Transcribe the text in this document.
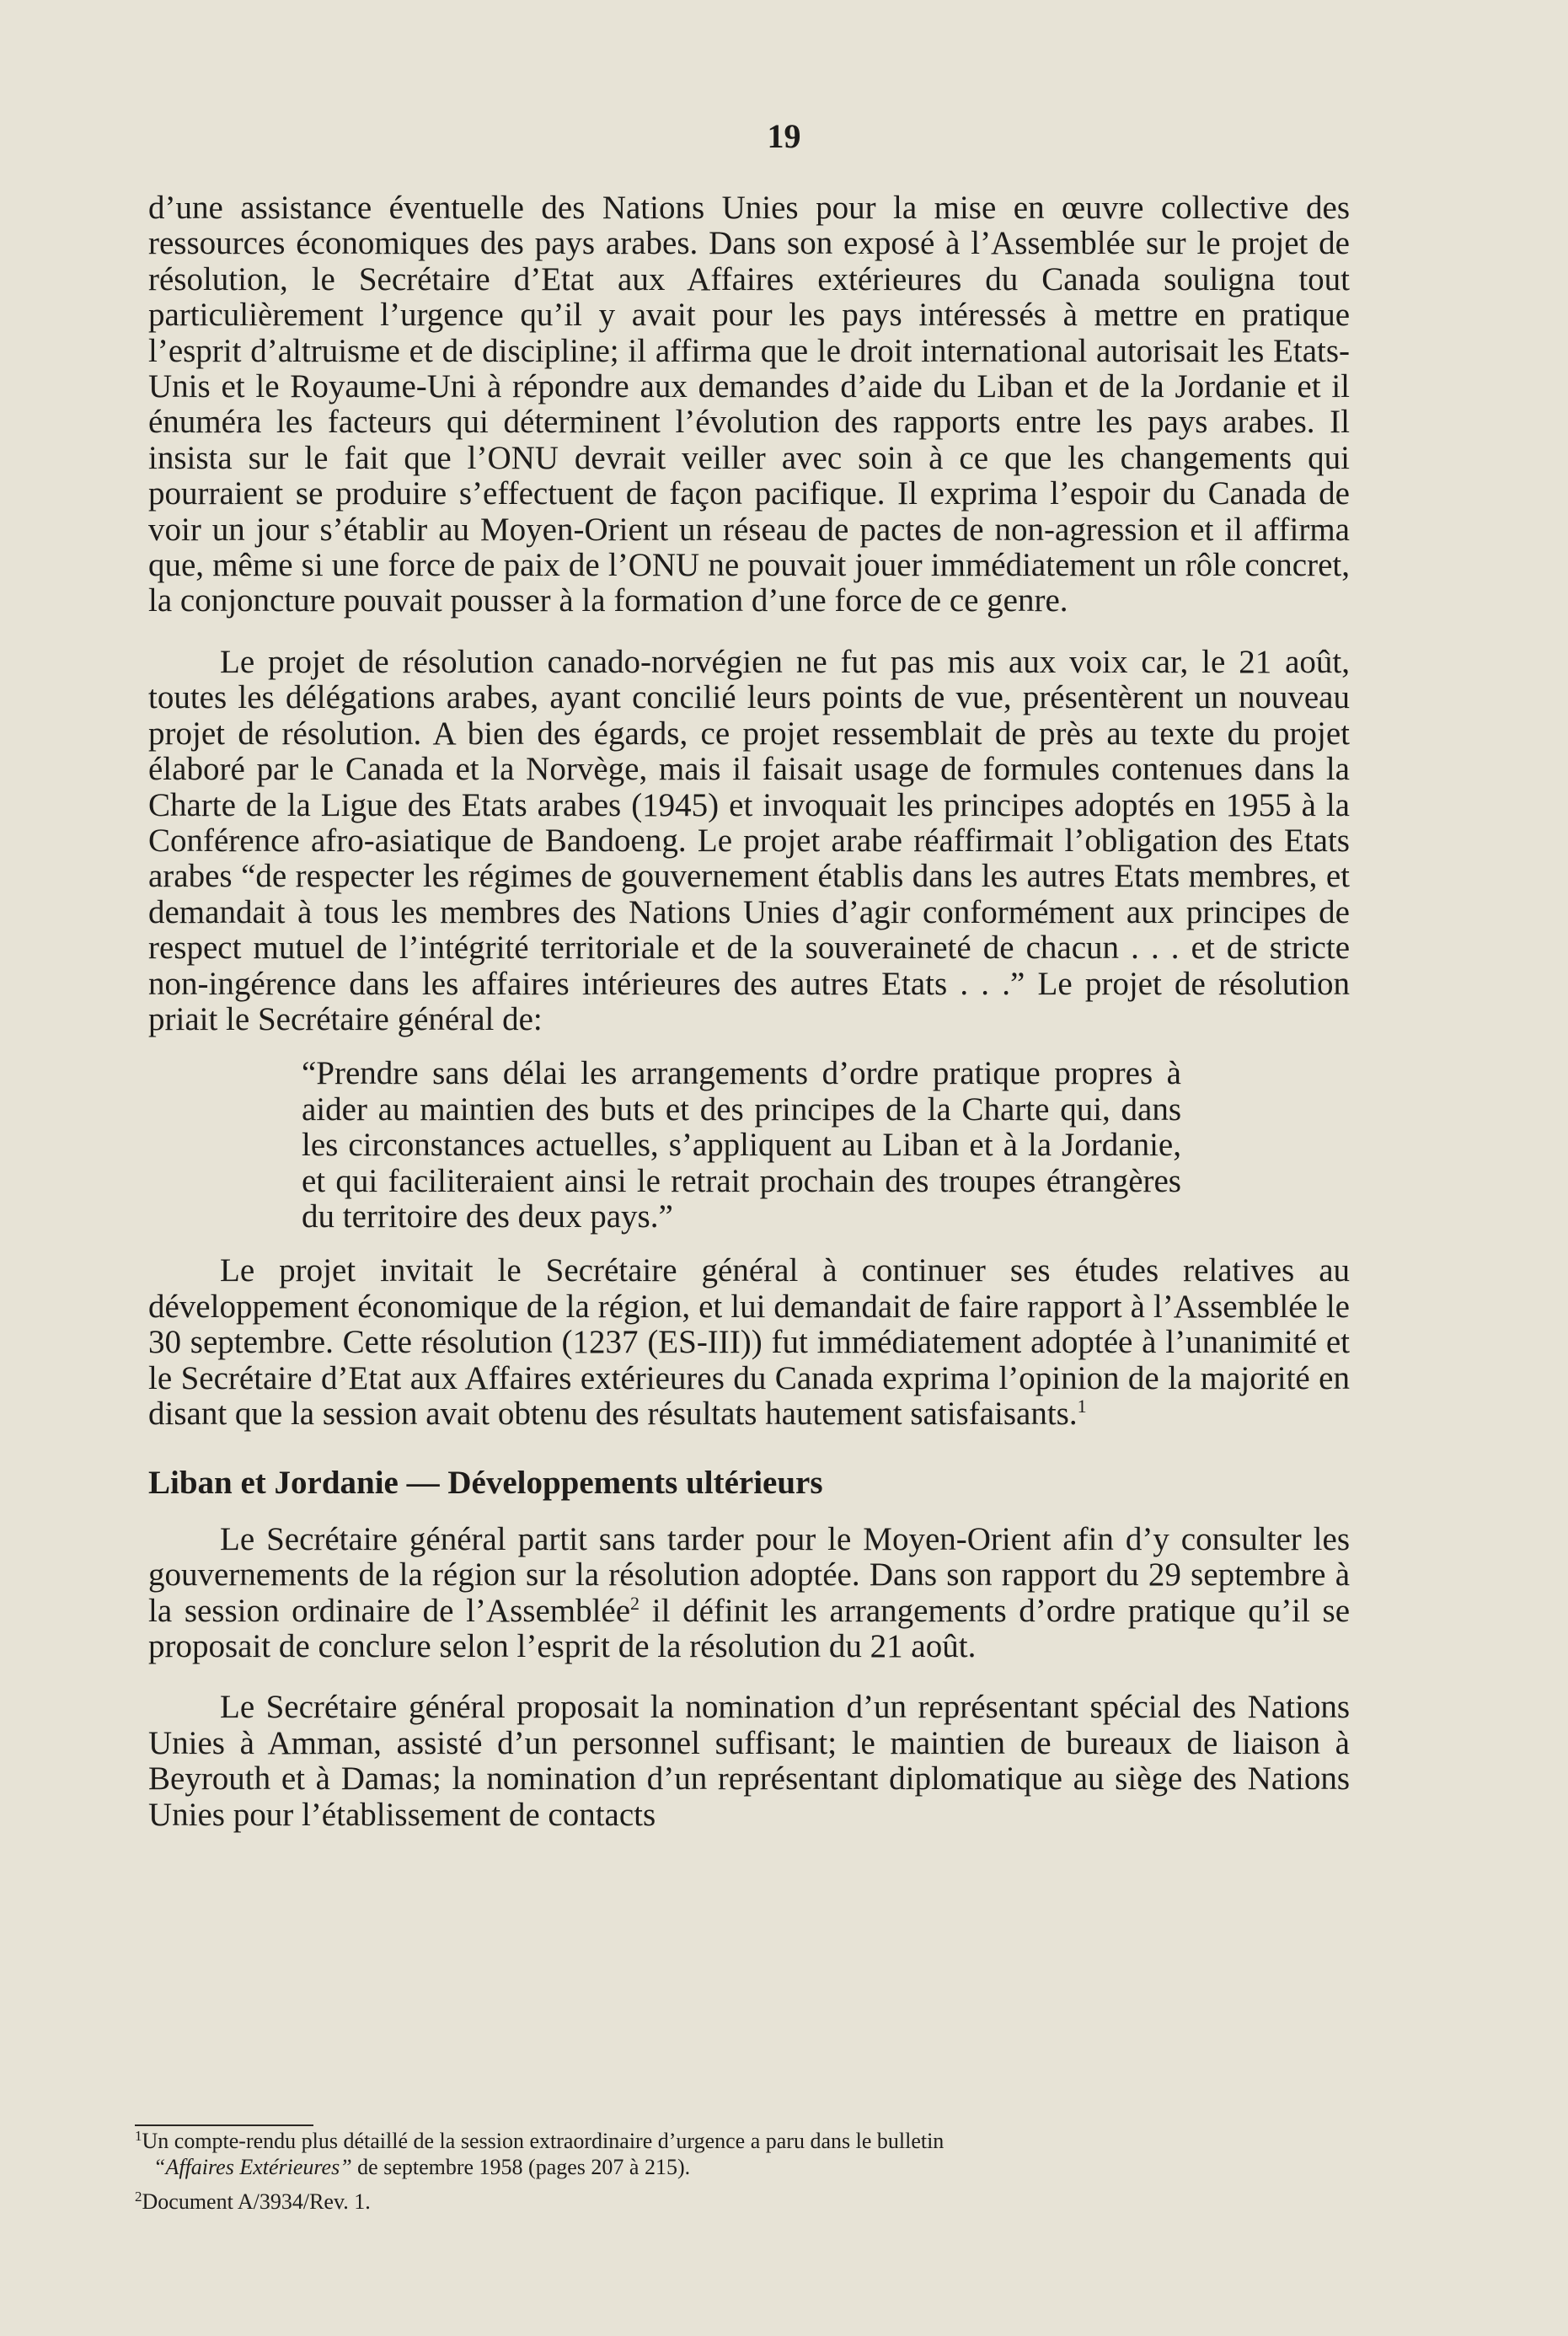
19

d’une assistance éventuelle des Nations Unies pour la mise en œuvre collective des ressources économiques des pays arabes. Dans son exposé à l’Assemblée sur le projet de résolution, le Secrétaire d’Etat aux Affaires extérieures du Canada souligna tout particulièrement l’urgence qu’il y avait pour les pays intéressés à mettre en pratique l’esprit d’altruisme et de discipline; il affirma que le droit international autorisait les Etats-Unis et le Royaume-Uni à répondre aux demandes d’aide du Liban et de la Jordanie et il énuméra les facteurs qui déterminent l’évolution des rapports entre les pays arabes. Il insista sur le fait que l’ONU devrait veiller avec soin à ce que les changements qui pourraient se produire s’effectuent de façon pacifique. Il exprima l’espoir du Canada de voir un jour s’établir au Moyen-Orient un réseau de pactes de non-agression et il affirma que, même si une force de paix de l’ONU ne pouvait jouer immédiatement un rôle concret, la conjoncture pouvait pousser à la formation d’une force de ce genre.

Le projet de résolution canado-norvégien ne fut pas mis aux voix car, le 21 août, toutes les délégations arabes, ayant concilié leurs points de vue, présentèrent un nouveau projet de résolution. A bien des égards, ce projet ressemblait de près au texte du projet élaboré par le Canada et la Norvège, mais il faisait usage de formules contenues dans la Charte de la Ligue des Etats arabes (1945) et invoquait les principes adoptés en 1955 à la Conférence afro-asiatique de Bandoeng. Le projet arabe réaffirmait l’obligation des Etats arabes “de respecter les régimes de gouvernement établis dans les autres Etats membres, et demandait à tous les membres des Nations Unies d’agir conformément aux principes de respect mutuel de l’intégrité territoriale et de la souveraineté de chacun . . . et de stricte non-ingérence dans les affaires intérieures des autres Etats . . .” Le projet de résolution priait le Secrétaire général de:

“Prendre sans délai les arrangements d’ordre pratique propres à aider au maintien des buts et des principes de la Charte qui, dans les circonstances actuelles, s’appliquent au Liban et à la Jordanie, et qui faciliteraient ainsi le retrait prochain des troupes étrangères du territoire des deux pays.”

Le projet invitait le Secrétaire général à continuer ses études relatives au développement économique de la région, et lui demandait de faire rapport à l’Assemblée le 30 septembre. Cette résolution (1237 (ES-III)) fut immédiatement adoptée à l’unanimité et le Secrétaire d’Etat aux Affaires extérieures du Canada exprima l’opinion de la majorité en disant que la session avait obtenu des résultats hautement satisfaisants.$^1$

Liban et Jordanie — Développements ultérieurs

Le Secrétaire général partit sans tarder pour le Moyen-Orient afin d’y consulter les gouvernements de la région sur la résolution adoptée. Dans son rapport du 29 septembre à la session ordinaire de l’Assemblée$^2$ il définit les arrangements d’ordre pratique qu’il se proposait de conclure selon l’esprit de la résolution du 21 août.

Le Secrétaire général proposait la nomination d’un représentant spécial des Nations Unies à Amman, assisté d’un personnel suffisant; le maintien de bureaux de liaison à Beyrouth et à Damas; la nomination d’un représentant diplomatique au siège des Nations Unies pour l’établissement de contacts

$^1$Un compte-rendu plus détaillé de la session extraordinaire d’urgence a paru dans le bulletin
“Affaires Extérieures” de septembre 1958 (pages 207 à 215).

$^2$Document A/3934/Rev. 1.
